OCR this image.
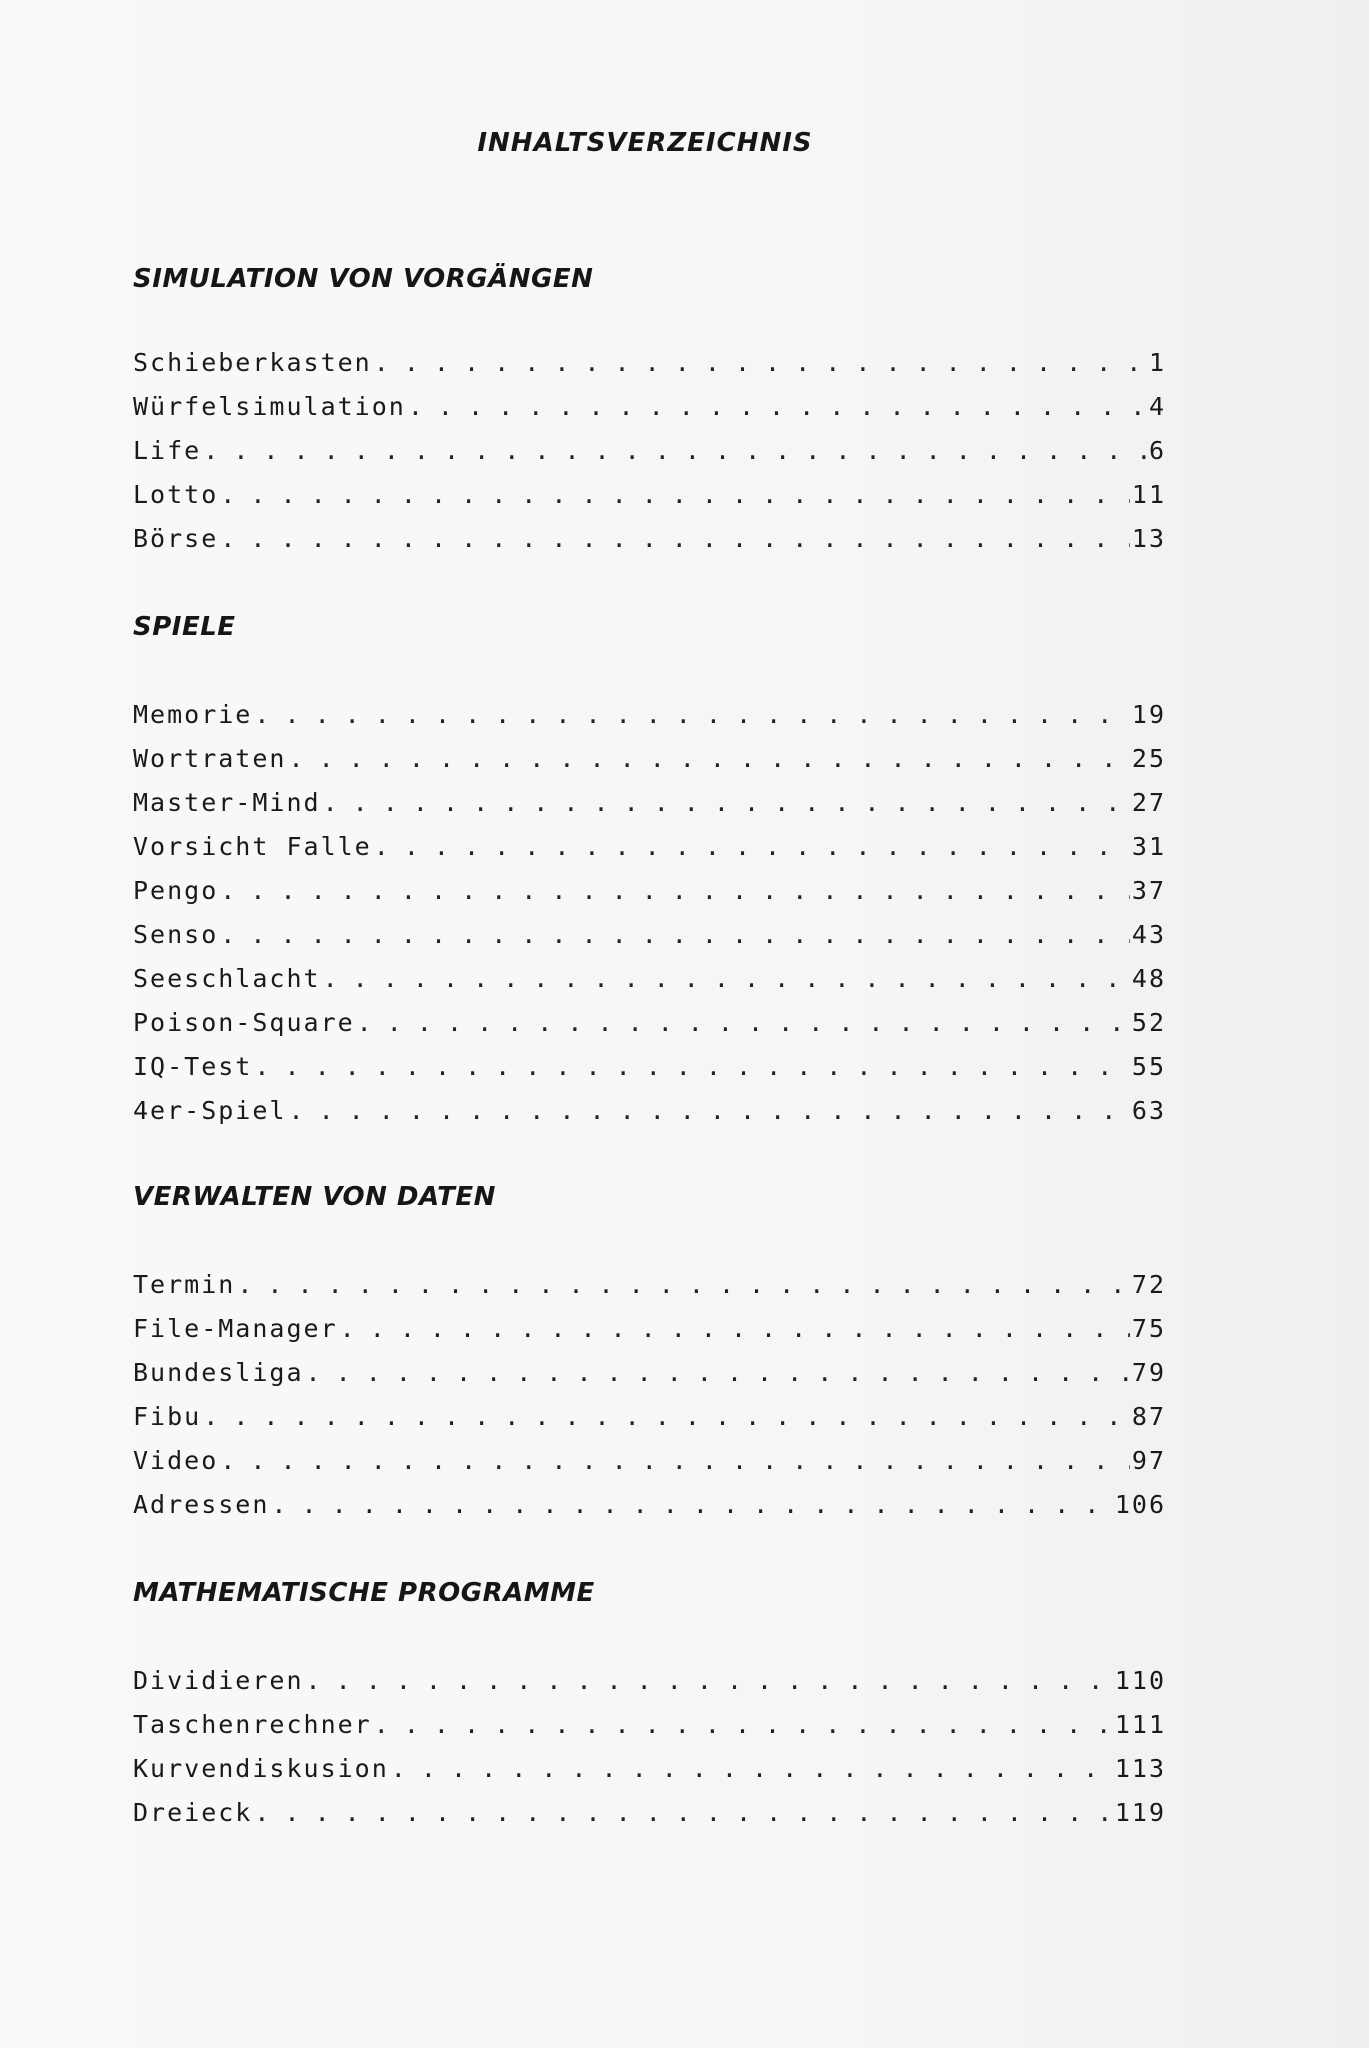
INHALTSVERZEICHNIS
SIMULATION VON VORGÄNGEN
Schieberkasten . . .	1
Würfelsimulation . . .	4
Life . . .	6
Lotto . . .	11
Börse . . .	13
SPIELE
Memorie . . .	19
Wortraten . . .	25
Master-Mind . . .	27
Vorsicht Falle . . .	31
Pengo . . .	37
Senso . . .	43
Seeschlacht . . .	48
Poison-Square . . .	52
IQ-Test . . .	55
4er-Spiel . . .	63
VERWALTEN VON DATEN
Termin . . .	72
File-Manager . . .	75
Bundesliga . . .	79
Fibu . . .	87
Video . . .	97
Adressen . . .	106
MATHEMATISCHE PROGRAMME
Dividieren . . .	110
Taschenrechner . . .	111
Kurvendiskusion . . .	113
Dreieck . . .	119
